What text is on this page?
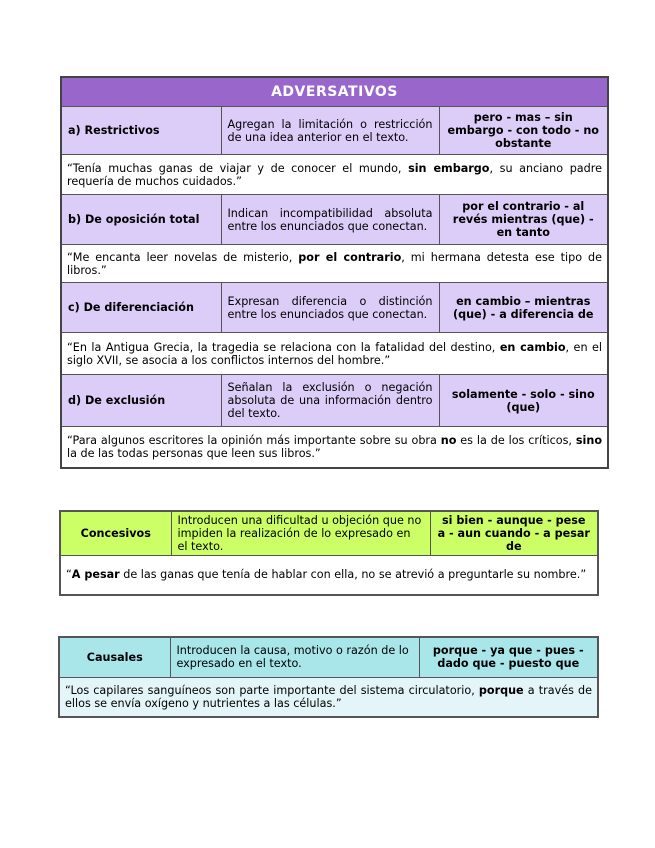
ADVERSATIVOS		
a) Restrictivos	Agregan la limitación o restricción de una idea anterior en el texto.	pero - mas – sin embargo - con todo - no obstante
“Tenía muchas ganas de viajar y de conocer el mundo, sin embargo, su anciano padre requería de muchos cuidados.”		
b) De oposición total	Indican incompatibilidad absoluta entre los enunciados que conectan.	por el contrario - al revés mientras (que) - en tanto
“Me encanta leer novelas de misterio, por el contrario, mi hermana detesta ese tipo de libros.”		
c) De diferenciación	Expresan diferencia o distinción entre los enunciados que conectan.	en cambio – mientras (que) - a diferencia de
“En la Antigua Grecia, la tragedia se relaciona con la fatalidad del destino, en cambio, en el siglo XVII, se asocia a los conflictos internos del hombre.”		
d) De exclusión	Señalan la exclusión o negación absoluta de una información dentro del texto.	solamente - solo - sino (que)
“Para algunos escritores la opinión más importante sobre su obra no es la de los críticos, sino la de las todas personas que leen sus libros.”		
Concesivos	Introducen una dificultad u objeción que no impiden la realización de lo expresado en el texto.	si bien - aunque - pese a - aun cuando - a pesar de
“A pesar de las ganas que tenía de hablar con ella, no se atrevió a preguntarle su nombre.”
Causales	Introducen la causa, motivo o razón de lo expresado en el texto.	porque - ya que - pues - dado que - puesto que
“Los capilares sanguíneos son parte importante del sistema circulatorio, porque a través de ellos se envía oxígeno y nutrientes a las células.”
